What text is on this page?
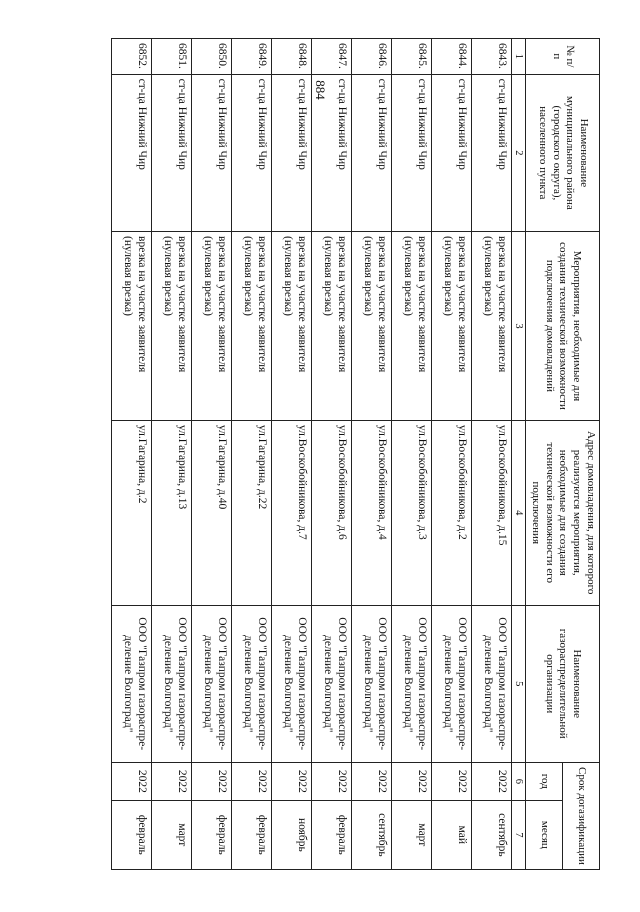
884
№ п/п	Наименование муниципального района (городского округа), населенного пункта	Мероприятия, необходимые для создания технической возможности подключения домовладений	Адрес домовладения, для которого реализуются мероприятия, необходимые для создания технической возможности его подключения	Наименование газораспределительной организации	Срок догазификации	
					год	месяц
1	2	3	4	5	6	7
6843.	ст-ца Нижний Чир	врезка на участке заявителя (нулевая врезка)	ул.Воскобойникова, д.15	ООО "Газпром газораспре-деление Волгоград"	2022	сентябрь
6844.	ст-ца Нижний Чир	врезка на участке заявителя (нулевая врезка)	ул.Воскобойникова, д.2	ООО "Газпром газораспре-деление Волгоград"	2022	май
6845.	ст-ца Нижний Чир	врезка на участке заявителя (нулевая врезка)	ул.Воскобойникова, д.3	ООО "Газпром газораспре-деление Волгоград"	2022	март
6846.	ст-ца Нижний Чир	врезка на участке заявителя (нулевая врезка)	ул.Воскобойникова, д.4	ООО "Газпром газораспре-деление Волгоград"	2022	сентябрь
6847.	ст-ца Нижний Чир	врезка на участке заявителя (нулевая врезка)	ул.Воскобойникова, д.6	ООО "Газпром газораспре-деление Волгоград"	2022	февраль
6848.	ст-ца Нижний Чир	врезка на участке заявителя (нулевая врезка)	ул.Воскобойникова, д.7	ООО "Газпром газораспре-деление Волгоград"	2022	ноябрь
6849.	ст-ца Нижний Чир	врезка на участке заявителя (нулевая врезка)	ул.Гагарина, д.22	ООО "Газпром газораспре-деление Волгоград"	2022	февраль
6850.	ст-ца Нижний Чир	врезка на участке заявителя (нулевая врезка)	ул.Гагарина, д.40	ООО "Газпром газораспре-деление Волгоград"	2022	февраль
6851.	ст-ца Нижний Чир	врезка на участке заявителя (нулевая врезка)	ул.Гагарина, д.13	ООО "Газпром газораспре-деление Волгоград"	2022	март
6852.	ст-ца Нижний Чир	врезка на участке заявителя (нулевая врезка)	ул.Гагарина, д.2	ООО "Газпром газораспре-деление Волгоград"	2022	февраль
